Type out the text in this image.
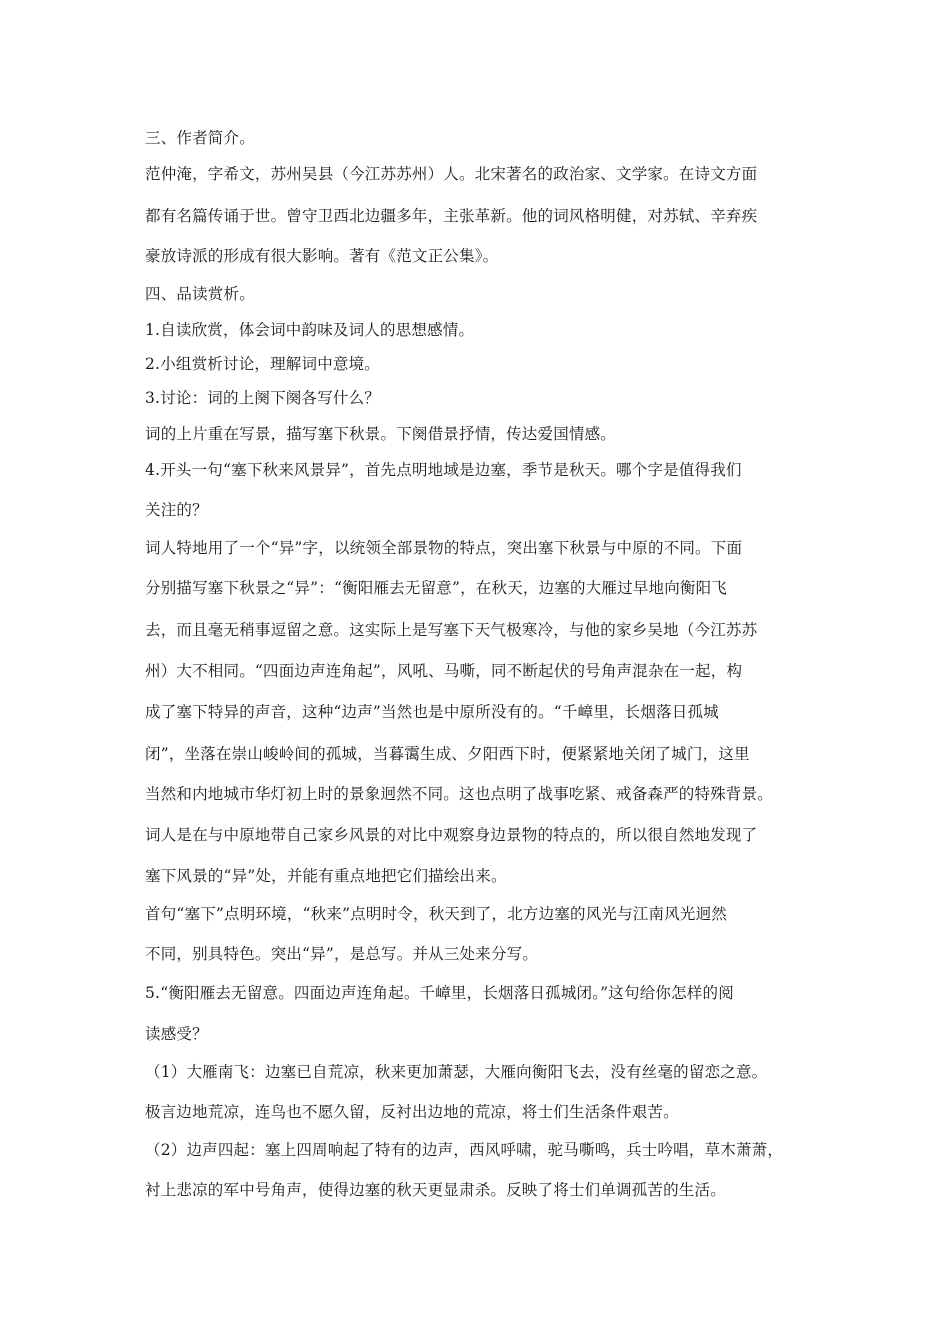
三、作者简介。
范仲淹，字希文，苏州吴县（今江苏苏州）人。北宋著名的政治家、文学家。在诗文方面
都有名篇传诵于世。曾守卫西北边疆多年，主张革新。他的词风格明健，对苏轼、辛弃疾
豪放诗派的形成有很大影响。著有《范文正公集》。
四、品读赏析。
1.自读欣赏，体会词中韵味及词人的思想感情。
2.小组赏析讨论，理解词中意境。
3.讨论：词的上阕下阕各写什么？
词的上片重在写景，描写塞下秋景。下阕借景抒情，传达爱国情感。
4.开头一句“塞下秋来风景异”，首先点明地域是边塞，季节是秋天。哪个字是值得我们
关注的？
词人特地用了一个“异”字，以统领全部景物的特点，突出塞下秋景与中原的不同。下面
分别描写塞下秋景之“异”：“衡阳雁去无留意”，在秋天，边塞的大雁过早地向衡阳飞
去，而且毫无稍事逗留之意。这实际上是写塞下天气极寒冷，与他的家乡吴地（今江苏苏
州）大不相同。“四面边声连角起”，风吼、马嘶，同不断起伏的号角声混杂在一起，构
成了塞下特异的声音，这种“边声”当然也是中原所没有的。“千嶂里，长烟落日孤城
闭”，坐落在崇山峻岭间的孤城，当暮霭生成、夕阳西下时，便紧紧地关闭了城门，这里
当然和内地城市华灯初上时的景象迥然不同。这也点明了战事吃紧、戒备森严的特殊背景。
词人是在与中原地带自己家乡风景的对比中观察身边景物的特点的，所以很自然地发现了
塞下风景的“异”处，并能有重点地把它们描绘出来。
首句“塞下”点明环境，“秋来”点明时令，秋天到了，北方边塞的风光与江南风光迥然
不同，别具特色。突出“异”，是总写。并从三处来分写。
5.“衡阳雁去无留意。四面边声连角起。千嶂里，长烟落日孤城闭。”这句给你怎样的阅
读感受？
（1）大雁南飞：边塞已自荒凉，秋来更加萧瑟，大雁向衡阳飞去，没有丝毫的留恋之意。
极言边地荒凉，连鸟也不愿久留，反衬出边地的荒凉，将士们生活条件艰苦。
（2）边声四起：塞上四周响起了特有的边声，西风呼啸，驼马嘶鸣，兵士吟唱，草木萧萧，
衬上悲凉的军中号角声，使得边塞的秋天更显肃杀。反映了将士们单调孤苦的生活。
